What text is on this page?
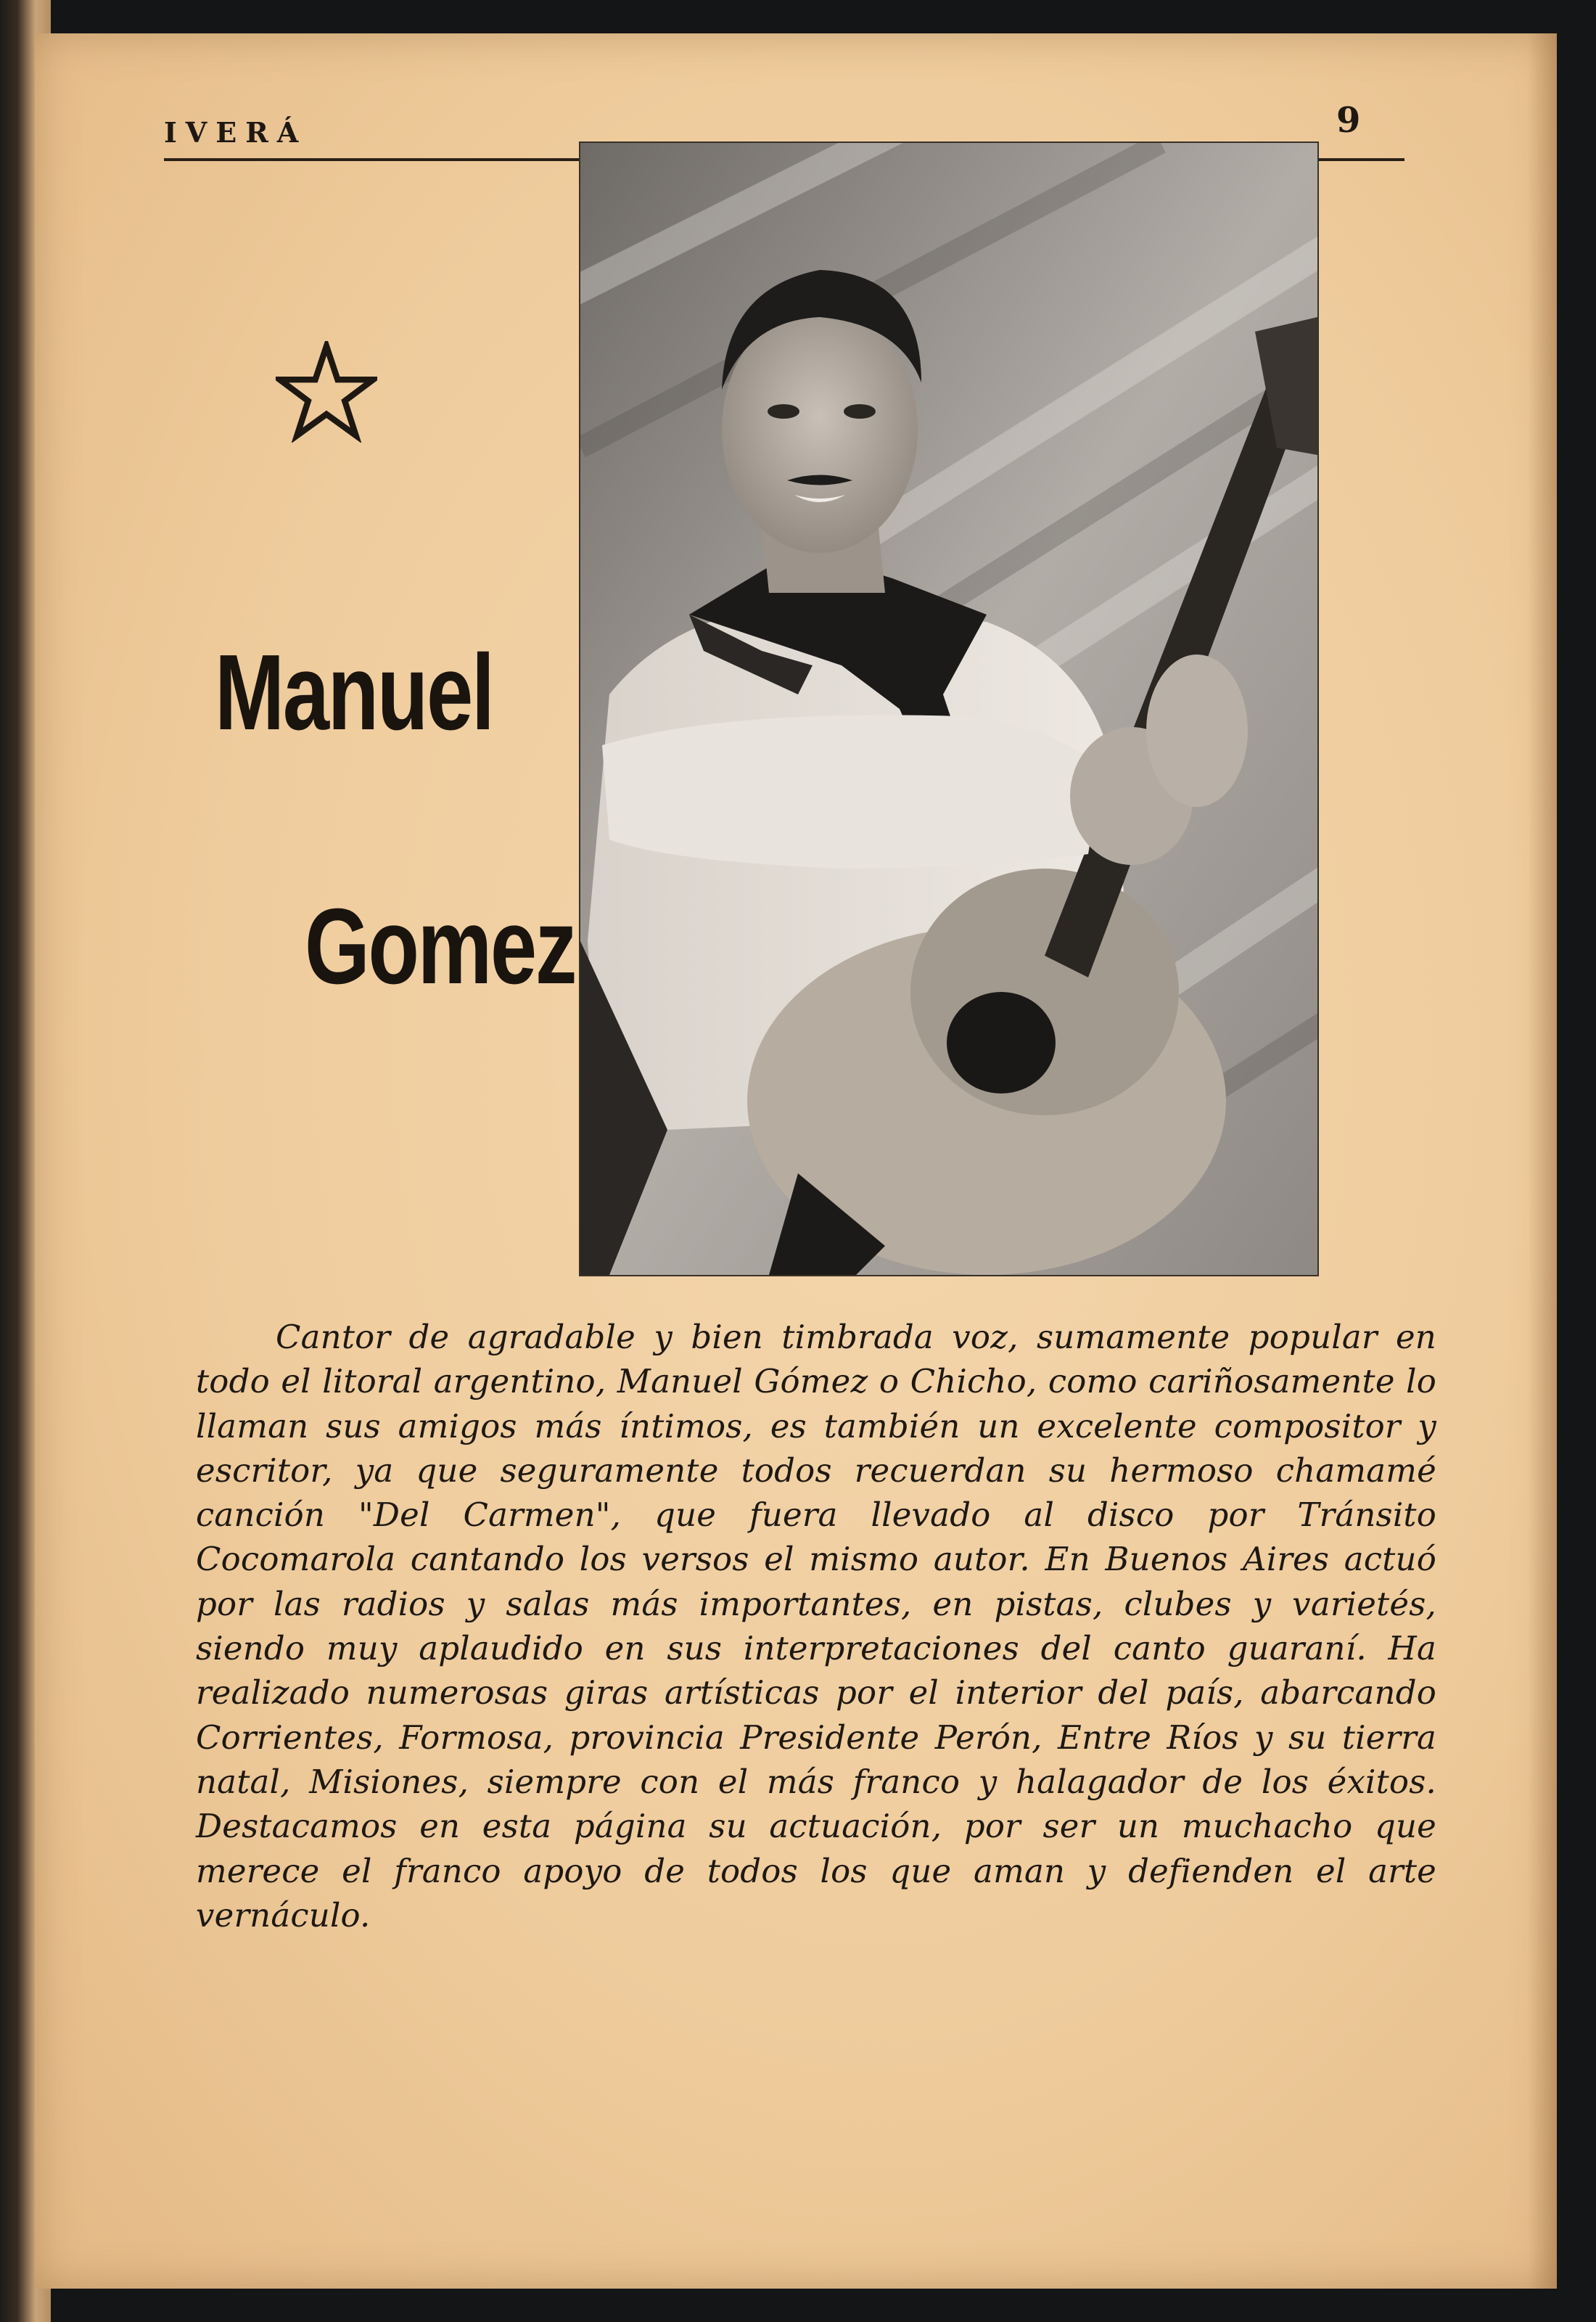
IVERÁ	9
Manuel
Gomez
Cantor de agradable y bien timbrada voz, sumamente popular en todo el litoral argentino, Manuel Gómez o Chicho, como cariñosamente lo llaman sus amigos más íntimos, es también un excelente compositor y escritor, ya que seguramente todos recuerdan su hermoso chamamé canción "Del Carmen", que fuera llevado al disco por Tránsito Cocomarola cantando los versos el mismo autor. En Buenos Aires actuó por las radios y salas más importantes, en pistas, clubes y varietés, siendo muy aplaudido en sus interpretaciones del canto guaraní. Ha realizado numerosas giras artísticas por el interior del país, abarcando Corrientes, Formosa, provincia Presidente Perón, Entre Ríos y su tierra natal, Misiones, siempre con el más franco y halagador de los éxitos. Destacamos en esta página su actuación, por ser un muchacho que merece el franco apoyo de todos los que aman y defienden el arte vernáculo.
